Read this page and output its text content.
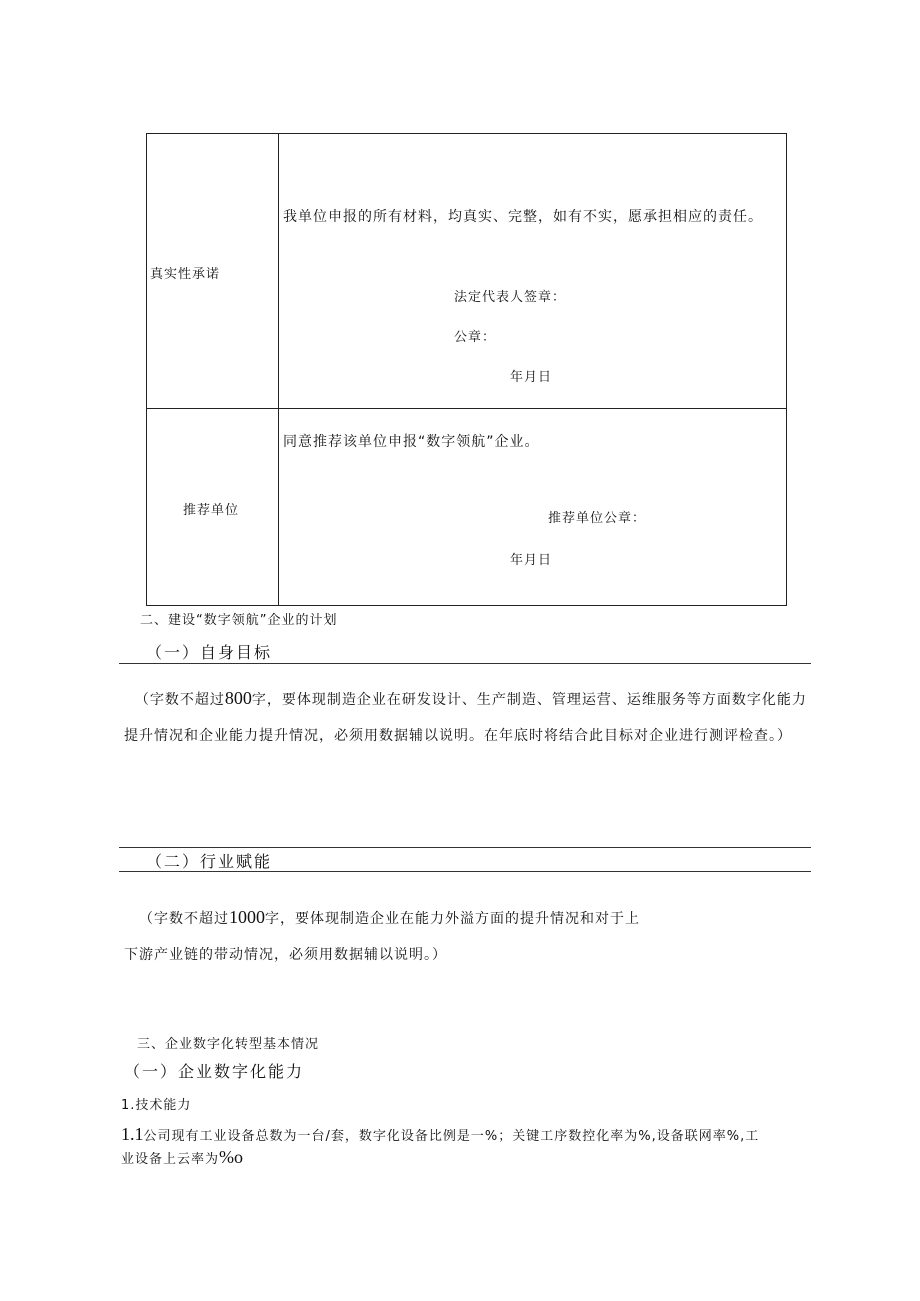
真实性承诺
我单位申报的所有材料，均真实、完整，如有不实，愿承担相应的责任。
法定代表人签章：
公章：
年月日
推荐单位
同意推荐该单位申报“数字领航”企业。
推荐单位公章：
年月日
二、建设“数字领航”企业的计划
（一）自身目标
（字数不超过800字，要体现制造企业在研发设计、生产制造、管理运营、运维服务等方面数字化能力提升情况和企业能力提升情况，必须用数据辅以说明。在年底时将结合此目标对企业进行测评检查。）
（二）行业赋能
（字数不超过1000字，要体现制造企业在能力外溢方面的提升情况和对于上
下游产业链的带动情况，必须用数据辅以说明。）
三、企业数字化转型基本情况
（一）企业数字化能力
1.技术能力
1.1公司现有工业设备总数为一台/套，数字化设备比例是一%；关键工序数控化率为%,设备联网率%,工
业设备上云率为%o
